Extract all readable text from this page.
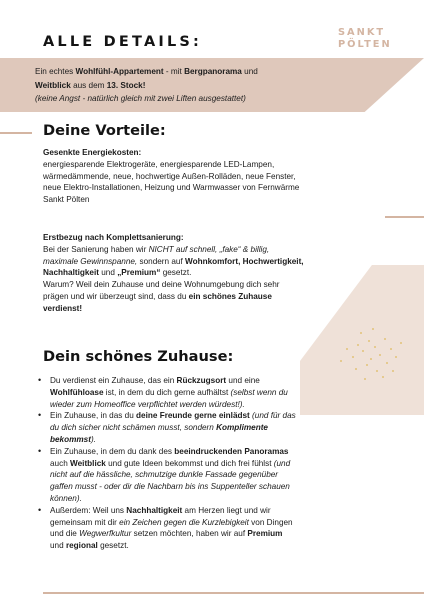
ALLE DETAILS:
SANKT
PÖLTEN
Ein echtes Wohlfühl-Appartement - mit Bergpanorama und
Weitblick aus dem 13. Stock!
(keine Angst - natürlich gleich mit zwei Liften ausgestattet)
Deine Vorteile:
Gesenkte Energiekosten:
energiesparende Elektrogeräte, energiesparende LED-Lampen,
wärmedämmende, neue, hochwertige Außen-Rolläden, neue Fenster,
neue Elektro-Installationen, Heizung und Warmwasser von Fernwärme
Sankt Pölten
Erstbezug nach Komplettsanierung:
Bei der Sanierung haben wir NICHT auf schnell, „fake“ & billig,
maximale Gewinnspanne, sondern auf Wohnkomfort, Hochwertigkeit,
Nachhaltigkeit und „Premium“ gesetzt.
Warum? Weil dein Zuhause und deine Wohnumgebung dich sehr
prägen und wir überzeugt sind, dass du ein schönes Zuhause
verdienst!
Dein schönes Zuhause:
• Du verdienst ein Zuhause, das ein Rückzugsort und eine
Wohlfühloase ist, in dem du dich gerne aufhältst (selbst wenn du
wieder zum Homeoffice verpflichtet werden würdest!).
• Ein Zuhause, in das du deine Freunde gerne einlädst (und für das
du dich sicher nicht schämen musst, sondern Komplimente
bekommst).
• Ein Zuhause, in dem du dank des beeindruckenden Panoramas
auch Weitblick und gute Ideen bekommst und dich frei fühlst (und
nicht auf die hässliche, schmutzige dunkle Fassade gegenüber
gaffen musst - oder dir die Nachbarn bis ins Suppenteller schauen
können).
• Außerdem: Weil uns Nachhaltigkeit am Herzen liegt und wir
gemeinsam mit dir ein Zeichen gegen die Kurzlebigkeit von Dingen
und die Wegwerfkultur setzen möchten, haben wir auf Premium
und regional gesetzt.
